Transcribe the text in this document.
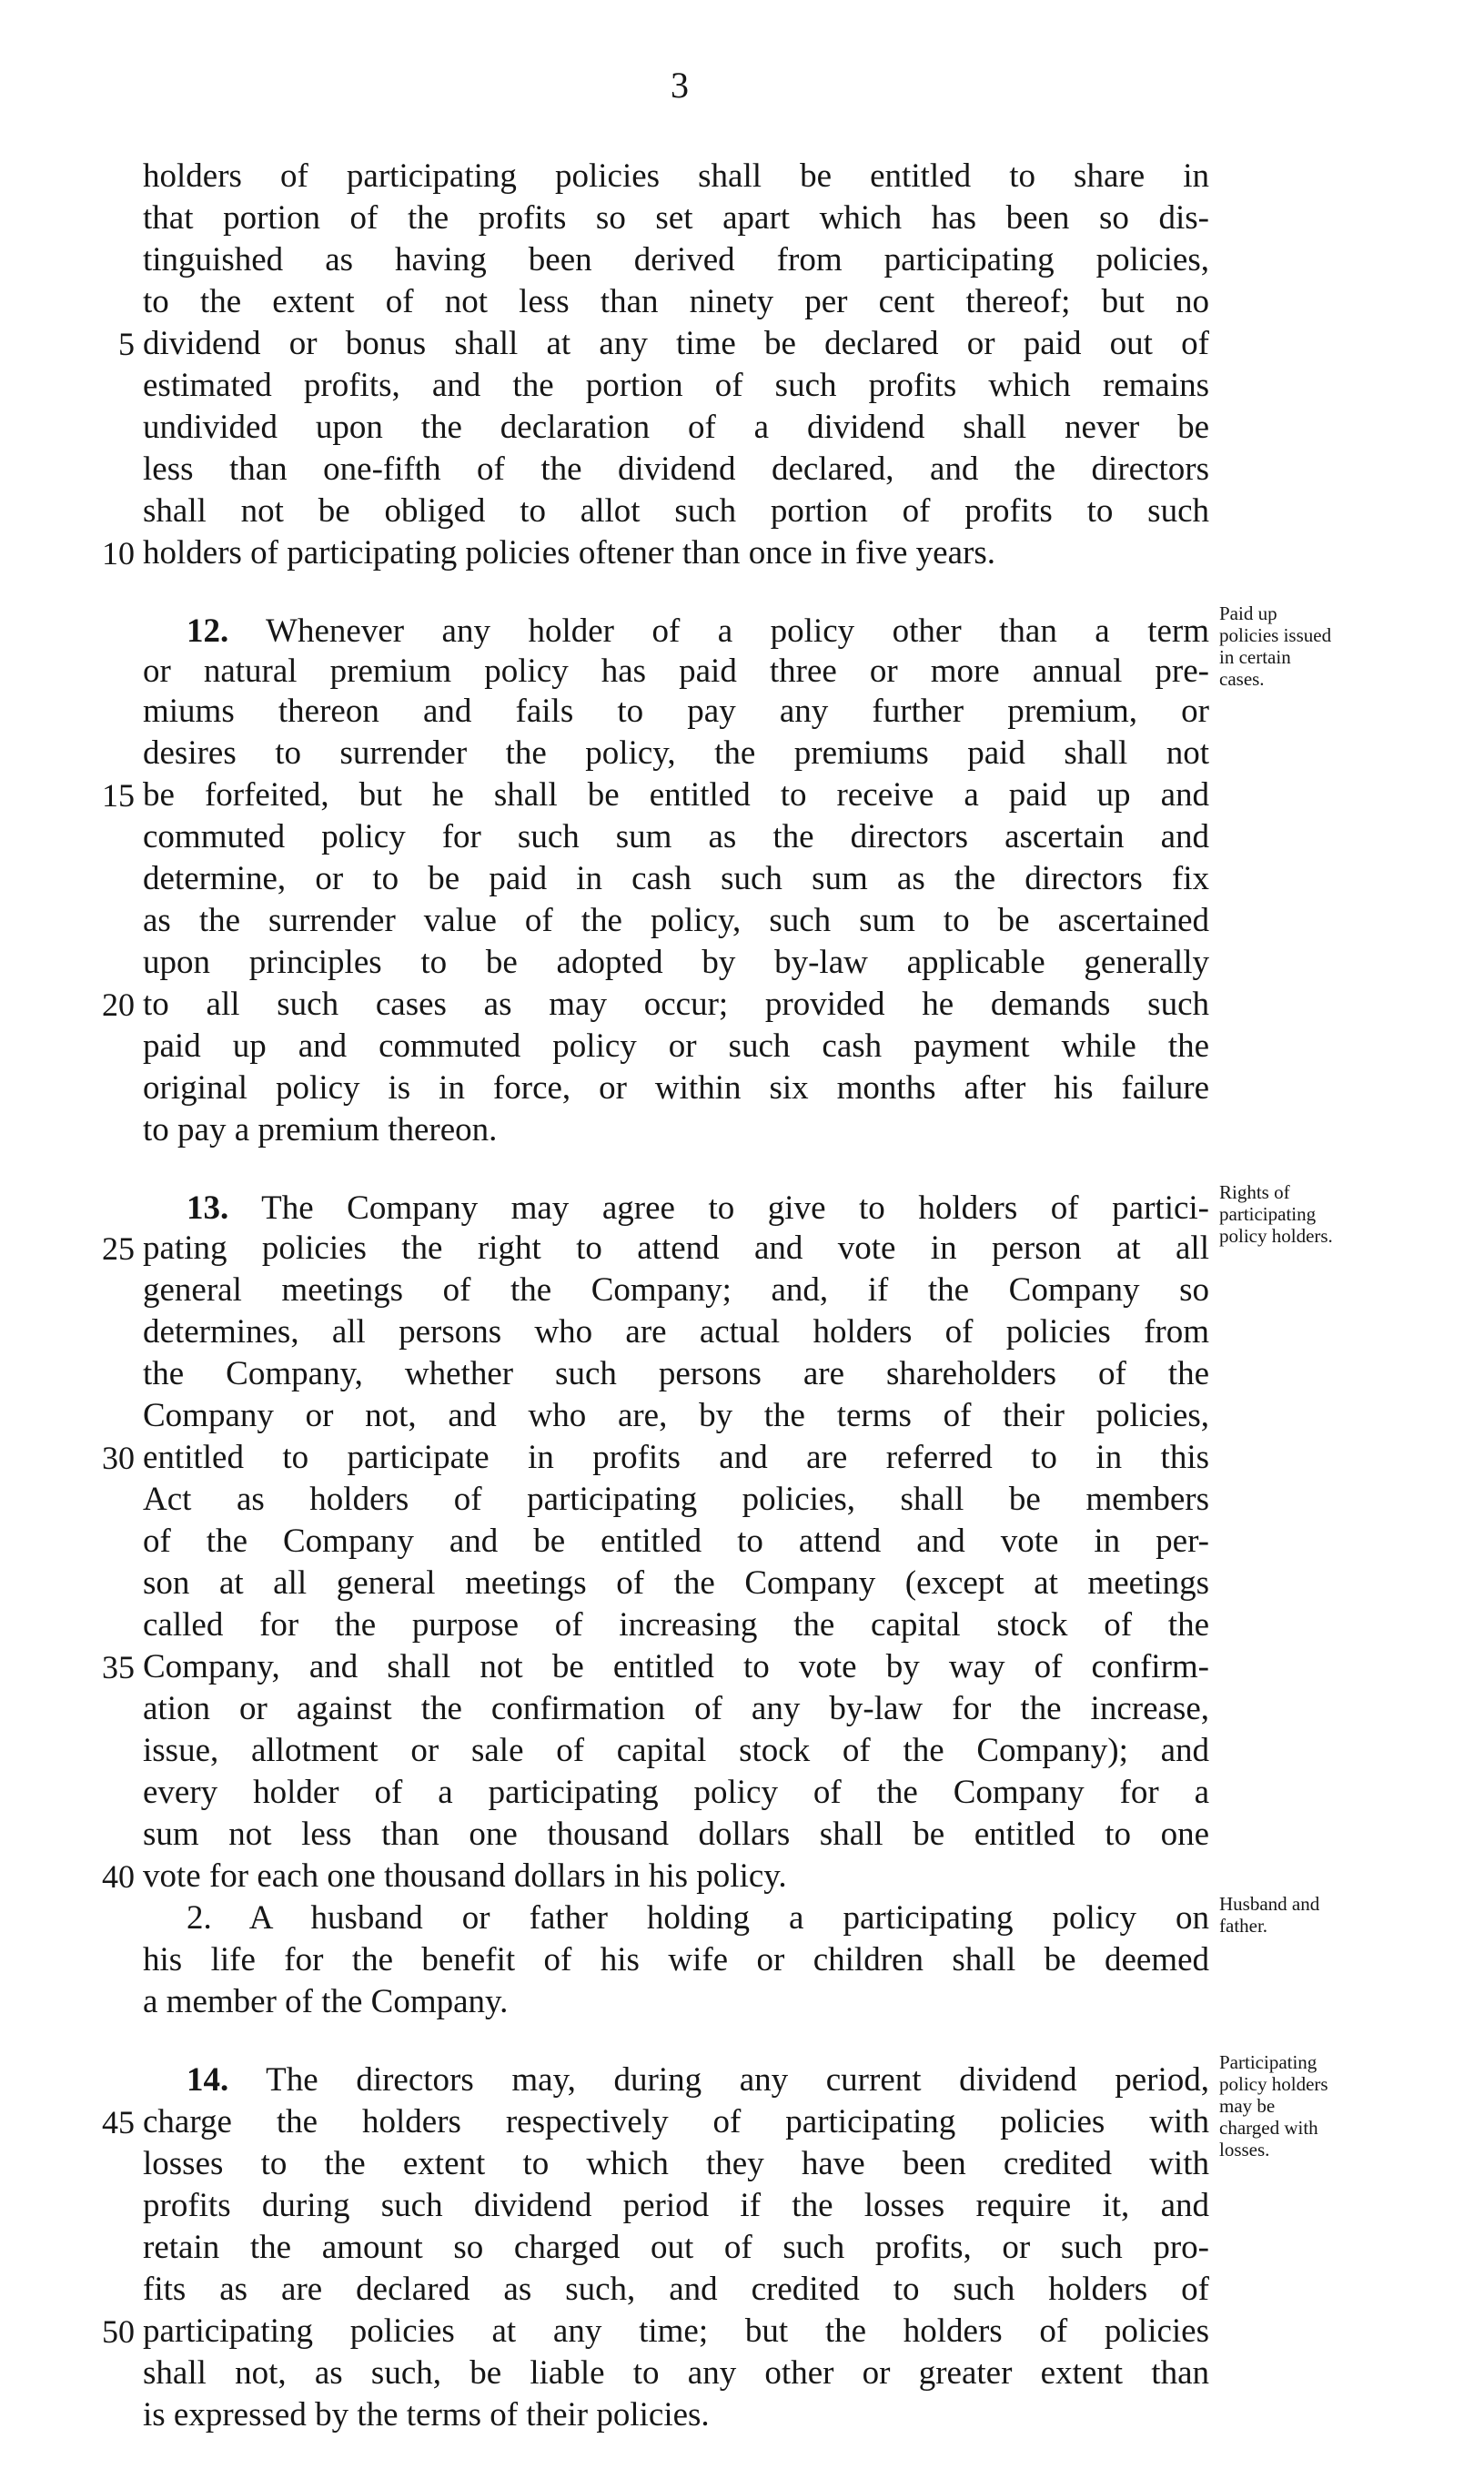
3
holders of participating policies shall be entitled to share in
that portion of the profits so set apart which has been so dis-
tinguished as having been derived from participating policies,
to the extent of not less than ninety per cent thereof; but no
dividend or bonus shall at any time be declared or paid out of
estimated profits, and the portion of such profits which remains
undivided upon the declaration of a dividend shall never be
less than one-fifth of the dividend declared, and the directors
shall not be obliged to allot such portion of profits to such
holders of participating policies oftener than once in five years.
12. Whenever any holder of a policy other than a term
or natural premium policy has paid three or more annual pre-
miums thereon and fails to pay any further premium, or
desires to surrender the policy, the premiums paid shall not
be forfeited, but he shall be entitled to receive a paid up and
commuted policy for such sum as the directors ascertain and
determine, or to be paid in cash such sum as the directors fix
as the surrender value of the policy, such sum to be ascertained
upon principles to be adopted by by-law applicable generally
to all such cases as may occur; provided he demands such
paid up and commuted policy or such cash payment while the
original policy is in force, or within six months after his failure
to pay a premium thereon.
13. The Company may agree to give to holders of partici-
pating policies the right to attend and vote in person at all
general meetings of the Company; and, if the Company so
determines, all persons who are actual holders of policies from
the Company, whether such persons are shareholders of the
Company or not, and who are, by the terms of their policies,
entitled to participate in profits and are referred to in this
Act as holders of participating policies, shall be members
of the Company and be entitled to attend and vote in per-
son at all general meetings of the Company (except at meetings
called for the purpose of increasing the capital stock of the
Company, and shall not be entitled to vote by way of confirm-
ation or against the confirmation of any by-law for the increase,
issue, allotment or sale of capital stock of the Company); and
every holder of a participating policy of the Company for a
sum not less than one thousand dollars shall be entitled to one
vote for each one thousand dollars in his policy.
2. A husband or father holding a participating policy on
his life for the benefit of his wife or children shall be deemed
a member of the Company.
14. The directors may, during any current dividend period,
charge the holders respectively of participating policies with
losses to the extent to which they have been credited with
profits during such dividend period if the losses require it, and
retain the amount so charged out of such profits, or such pro-
fits as are declared as such, and credited to such holders of
participating policies at any time; but the holders of policies
shall not, as such, be liable to any other or greater extent than
is expressed by the terms of their policies.
5
10
15
20
25
30
35
40
45
50
Paid up
policies issued
in certain
cases.
Rights of
participating
policy holders.
Husband and
father.
Participating
policy holders
may be
charged with
losses.
